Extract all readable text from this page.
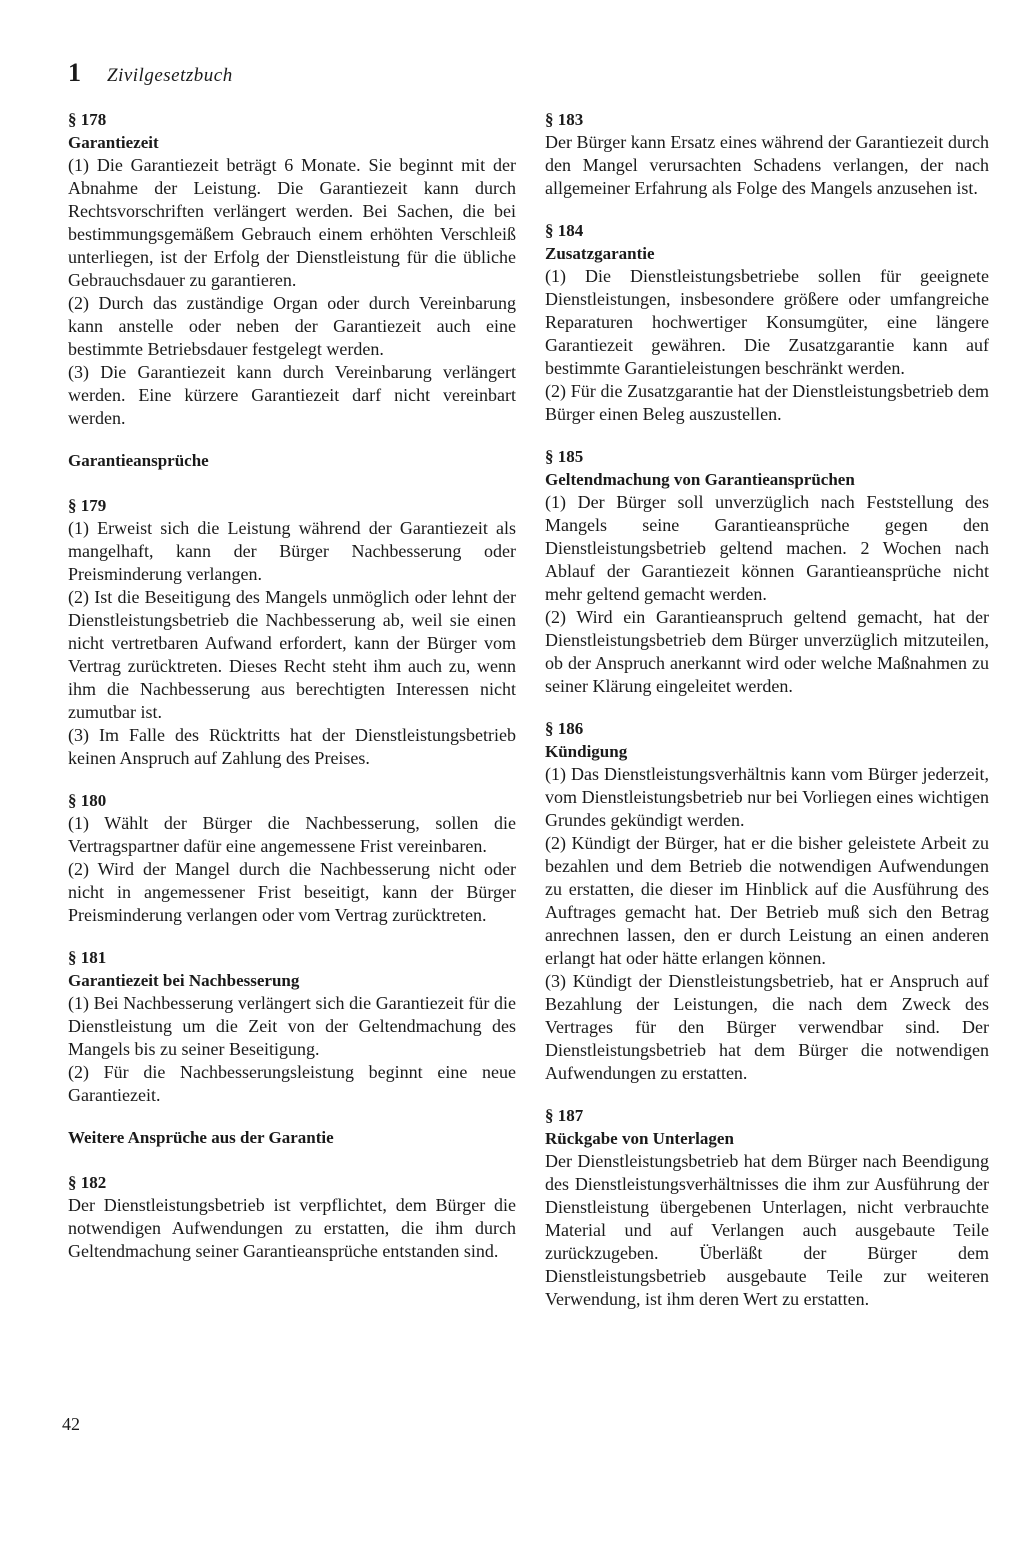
1 Zivilgesetzbuch
§ 178
Garantiezeit

(1) Die Garantiezeit beträgt 6 Monate. Sie beginnt mit der Abnahme der Leistung. Die Garantiezeit kann durch Rechtsvorschriften verlängert werden. Bei Sachen, die bei bestimmungsgemäßem Gebrauch einem erhöhten Verschleiß unterliegen, ist der Erfolg der Dienstleistung für die übliche Gebrauchsdauer zu garantieren.

(2) Durch das zuständige Organ oder durch Vereinbarung kann anstelle oder neben der Garantiezeit auch eine bestimmte Betriebsdauer festgelegt werden.

(3) Die Garantiezeit kann durch Vereinbarung verlängert werden. Eine kürzere Garantiezeit darf nicht vereinbart werden.

Garantieansprüche
§ 179

(1) Erweist sich die Leistung während der Garantiezeit als mangelhaft, kann der Bürger Nachbesserung oder Preisminderung verlangen.

(2) Ist die Beseitigung des Mangels unmöglich oder lehnt der Dienstleistungsbetrieb die Nachbesserung ab, weil sie einen nicht vertretbaren Aufwand erfordert, kann der Bürger vom Vertrag zurücktreten. Dieses Recht steht ihm auch zu, wenn ihm die Nachbesserung aus berechtigten Interessen nicht zumutbar ist.

(3) Im Falle des Rücktritts hat der Dienstleistungsbetrieb keinen Anspruch auf Zahlung des Preises.

§ 180

(1) Wählt der Bürger die Nachbesserung, sollen die Vertragspartner dafür eine angemessene Frist vereinbaren.

(2) Wird der Mangel durch die Nachbesserung nicht oder nicht in angemessener Frist beseitigt, kann der Bürger Preisminderung verlangen oder vom Vertrag zurücktreten.

§ 181
Garantiezeit bei Nachbesserung

(1) Bei Nachbesserung verlängert sich die Garantiezeit für die Dienstleistung um die Zeit von der Geltendmachung des Mangels bis zu seiner Beseitigung.

(2) Für die Nachbesserungsleistung beginnt eine neue Garantiezeit.

Weitere Ansprüche aus der Garantie
§ 182

Der Dienstleistungsbetrieb ist verpflichtet, dem Bürger die notwendigen Aufwendungen zu erstatten, die ihm durch Geltendmachung seiner Garantieansprüche entstanden sind.

§ 183

Der Bürger kann Ersatz eines während der Garantiezeit durch den Mangel verursachten Schadens verlangen, der nach allgemeiner Erfahrung als Folge des Mangels anzusehen ist.

§ 184
Zusatzgarantie

(1) Die Dienstleistungsbetriebe sollen für geeignete Dienstleistungen, insbesondere größere oder umfangreiche Reparaturen hochwertiger Konsumgüter, eine längere Garantiezeit gewähren. Die Zusatzgarantie kann auf bestimmte Garantieleistungen beschränkt werden.

(2) Für die Zusatzgarantie hat der Dienstleistungsbetrieb dem Bürger einen Beleg auszustellen.

§ 185
Geltendmachung von Garantieansprüchen

(1) Der Bürger soll unverzüglich nach Feststellung des Mangels seine Garantieansprüche gegen den Dienstleistungsbetrieb geltend machen. 2 Wochen nach Ablauf der Garantiezeit können Garantieansprüche nicht mehr geltend gemacht werden.

(2) Wird ein Garantieanspruch geltend gemacht, hat der Dienstleistungsbetrieb dem Bürger unverzüglich mitzuteilen, ob der Anspruch anerkannt wird oder welche Maßnahmen zu seiner Klärung eingeleitet werden.

§ 186
Kündigung

(1) Das Dienstleistungsverhältnis kann vom Bürger jederzeit, vom Dienstleistungsbetrieb nur bei Vorliegen eines wichtigen Grundes gekündigt werden.

(2) Kündigt der Bürger, hat er die bisher geleistete Arbeit zu bezahlen und dem Betrieb die notwendigen Aufwendungen zu erstatten, die dieser im Hinblick auf die Ausführung des Auftrages gemacht hat. Der Betrieb muß sich den Betrag anrechnen lassen, den er durch Leistung an einen anderen erlangt hat oder hätte erlangen können.

(3) Kündigt der Dienstleistungsbetrieb, hat er Anspruch auf Bezahlung der Leistungen, die nach dem Zweck des Vertrages für den Bürger verwendbar sind. Der Dienstleistungsbetrieb hat dem Bürger die notwendigen Aufwendungen zu erstatten.

§ 187
Rückgabe von Unterlagen

Der Dienstleistungsbetrieb hat dem Bürger nach Beendigung des Dienstleistungsverhältnisses die ihm zur Ausführung der Dienstleistung übergebenen Unterlagen, nicht verbrauchte Material und auf Verlangen auch ausgebaute Teile zurückzugeben. Überläßt der Bürger dem Dienstleistungsbetrieb ausgebaute Teile zur weiteren Verwendung, ist ihm deren Wert zu erstatten.

42
